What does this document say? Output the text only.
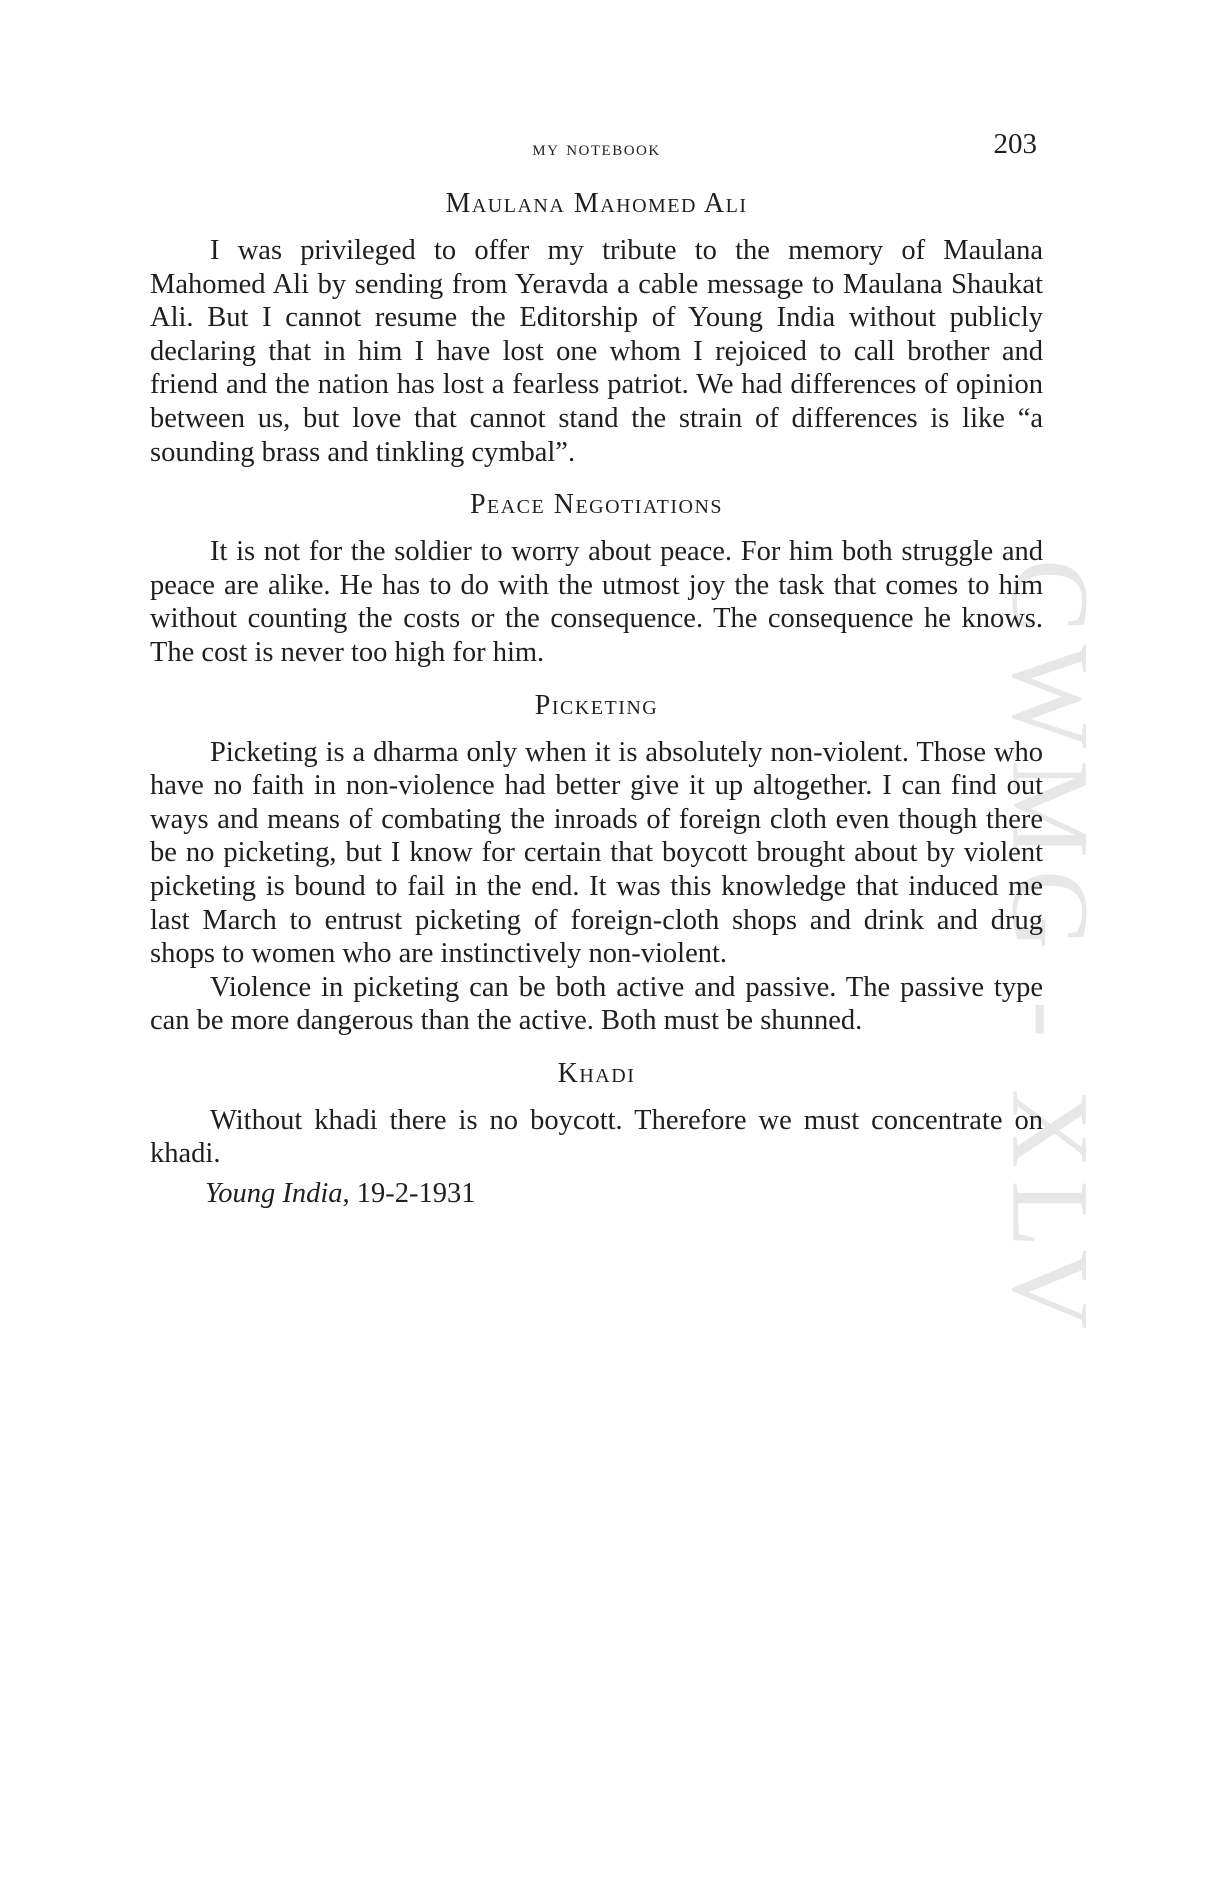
CWMG - XLV
my notebook	203
Maulana Mahomed Ali

I was privileged to offer my tribute to the memory of Maulana Mahomed Ali by sending from Yeravda a cable message to Maulana Shaukat Ali. But I cannot resume the Editorship of Young India without publicly declaring that in him I have lost one whom I rejoiced to call brother and friend and the nation has lost a fearless patriot. We had differences of opinion between us, but love that cannot stand the strain of differences is like “a sounding brass and tinkling cymbal”.

Peace Negotiations

It is not for the soldier to worry about peace. For him both struggle and peace are alike. He has to do with the utmost joy the task that comes to him without counting the costs or the consequence. The consequence he knows. The cost is never too high for him.

Picketing

Picketing is a dharma only when it is absolutely non-violent. Those who have no faith in non-violence had better give it up altogether. I can find out ways and means of combating the inroads of foreign cloth even though there be no picketing, but I know for certain that boycott brought about by violent picketing is bound to fail in the end. It was this knowledge that induced me last March to entrust picketing of foreign-cloth shops and drink and drug shops to women who are instinctively non-violent.

Violence in picketing can be both active and passive. The passive type can be more dangerous than the active. Both must be shunned.

Khadi

Without khadi there is no boycott. Therefore we must concentrate on khadi.

Young India, 19-2-1931
